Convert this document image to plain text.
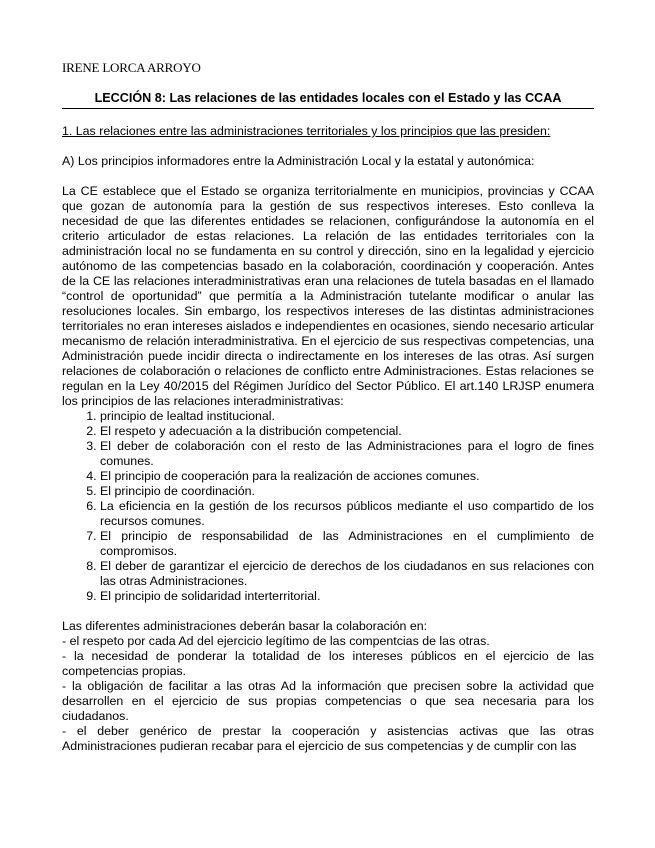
IRENE LORCA ARROYO
LECCIÓN 8: Las relaciones de las entidades locales con el Estado y las CCAA
1. Las relaciones entre las administraciones territoriales y los principios que las presiden:
A) Los principios informadores entre la Administración Local y la estatal y autonómica:

La CE establece que el Estado se organiza territorialmente en municipios, provincias y CCAA que gozan de autonomía para la gestión de sus respectivos intereses. Esto conlleva la necesidad de que las diferentes entidades se relacionen, configurándose la autonomía en el criterio articulador de estas relaciones. La relación de las entidades territoriales con la administración local no se fundamenta en su control y dirección, sino en la legalidad y ejercicio autónomo de las competencias basado en la colaboración, coordinación y cooperación. Antes de la CE las relaciones interadministrativas eran una relaciones de tutela basadas en el llamado “control de oportunidad” que permitía a la Administración tutelante modificar o anular las resoluciones locales. Sin embargo, los respectivos intereses de las distintas administraciones territoriales no eran intereses aislados e independientes en ocasiones, siendo necesario articular mecanismo de relación interadministrativa. En el ejercicio de sus respectivas competencias, una Administración puede incidir directa o indirectamente en los intereses de las otras. Así surgen relaciones de colaboración o relaciones de conflicto entre Administraciones. Estas relaciones se regulan en la Ley 40/2015 del Régimen Jurídico del Sector Público. El art.140 LRJSP enumera los principios de las relaciones interadministrativas:

1. principio de lealtad institucional.
2. El respeto y adecuación a la distribución competencial.
3. El deber de colaboración con el resto de las Administraciones para el logro de fines comunes.
4. El principio de cooperación para la realización de acciones comunes.
5. El principio de coordinación.
6. La eficiencia en la gestión de los recursos públicos mediante el uso compartido de los recursos comunes.
7. El principio de responsabilidad de las Administraciones en el cumplimiento de compromisos.
8. El deber de garantizar el ejercicio de derechos de los ciudadanos en sus relaciones con las otras Administraciones.
9. El principio de solidaridad interterritorial.
Las diferentes administraciones deberán basar la colaboración en:
- el respeto por cada Ad del ejercicio legítimo de las compentcias de las otras.
- la necesidad de ponderar la totalidad de los intereses públicos en el ejercicio de las competencias propias.
- la obligación de facilitar a las otras Ad la información que precisen sobre la actividad que desarrollen en el ejercicio de sus propias competencias o que sea necesaria para los ciudadanos.
- el deber genérico de prestar la cooperación y asistencias activas que las otras Administraciones pudieran recabar para el ejercicio de sus competencias y de cumplir con las
